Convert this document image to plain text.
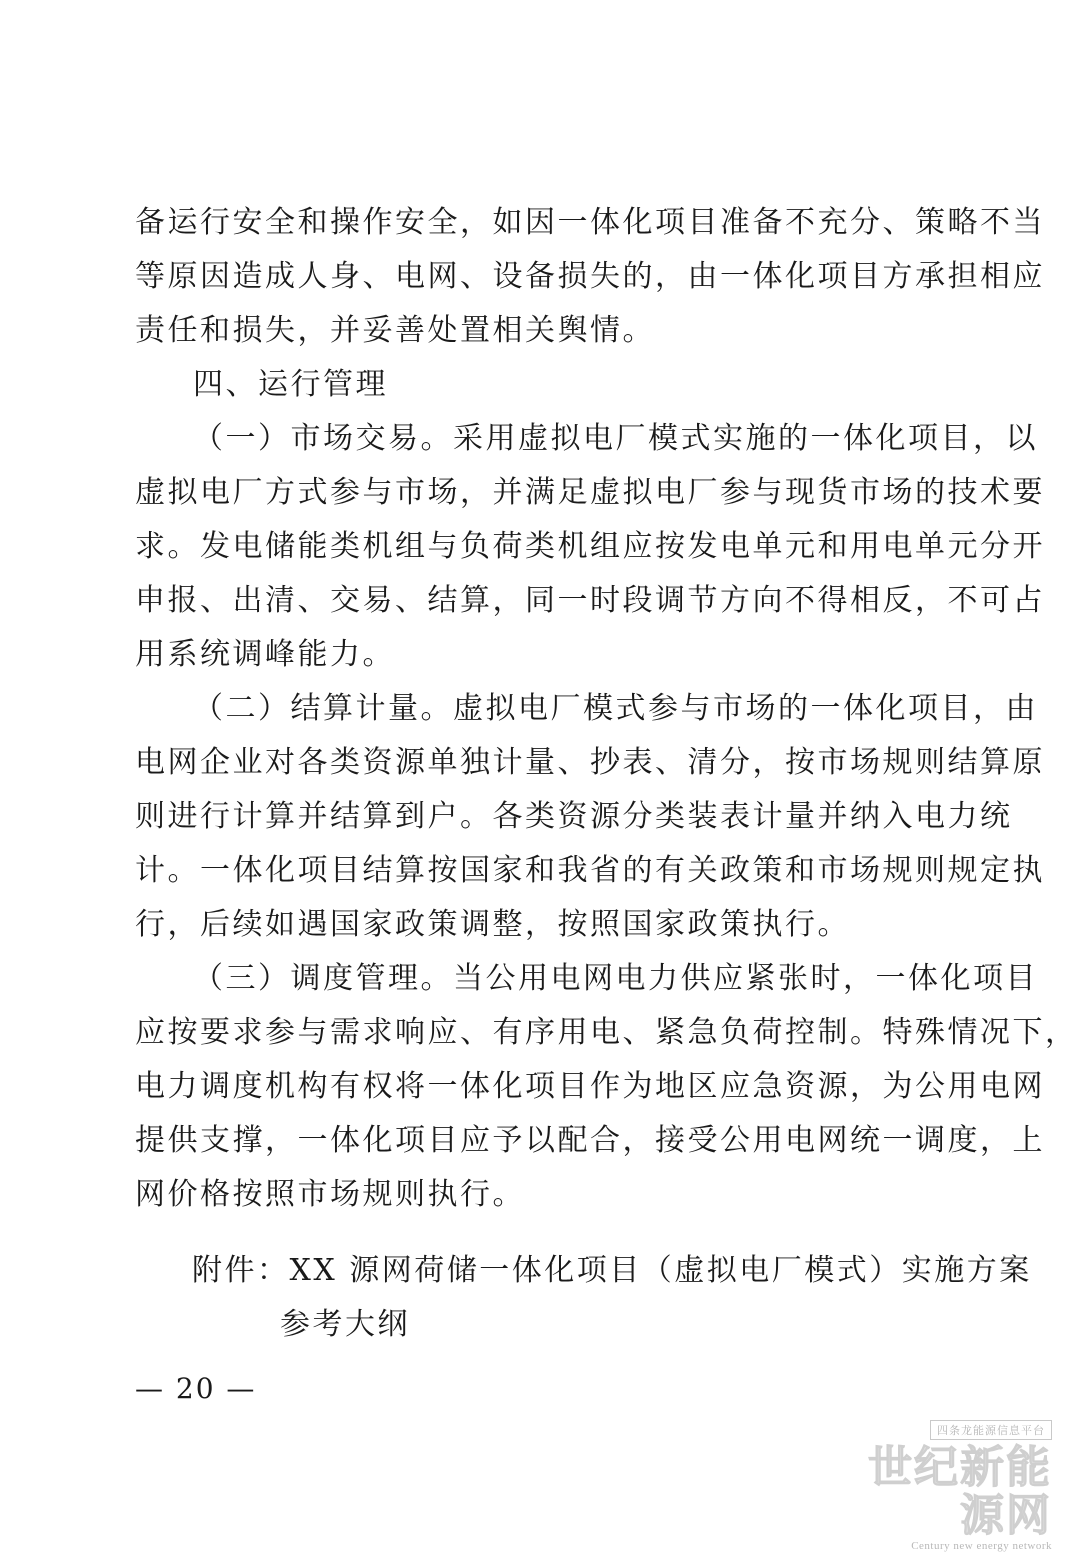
备运行安全和操作安全，如因一体化项目准备不充分、策略不当
等原因造成人身、电网、设备损失的，由一体化项目方承担相应
责任和损失，并妥善处置相关舆情。
四、运行管理
（一）市场交易。采用虚拟电厂模式实施的一体化项目，以
虚拟电厂方式参与市场，并满足虚拟电厂参与现货市场的技术要
求。发电储能类机组与负荷类机组应按发电单元和用电单元分开
申报、出清、交易、结算，同一时段调节方向不得相反，不可占
用系统调峰能力。
（二）结算计量。虚拟电厂模式参与市场的一体化项目，由
电网企业对各类资源单独计量、抄表、清分，按市场规则结算原
则进行计算并结算到户。各类资源分类装表计量并纳入电力统
计。一体化项目结算按国家和我省的有关政策和市场规则规定执
行，后续如遇国家政策调整，按照国家政策执行。
（三）调度管理。当公用电网电力供应紧张时，一体化项目
应按要求参与需求响应、有序用电、紧急负荷控制。特殊情况下，
电力调度机构有权将一体化项目作为地区应急资源，为公用电网
提供支撑，一体化项目应予以配合，接受公用电网统一调度，上
网价格按照市场规则执行。
附件：XX 源网荷储一体化项目（虚拟电厂模式）实施方案
参考大纲
— 20 —
四条龙能源信息平台
世纪新能源网
Century new energy network
